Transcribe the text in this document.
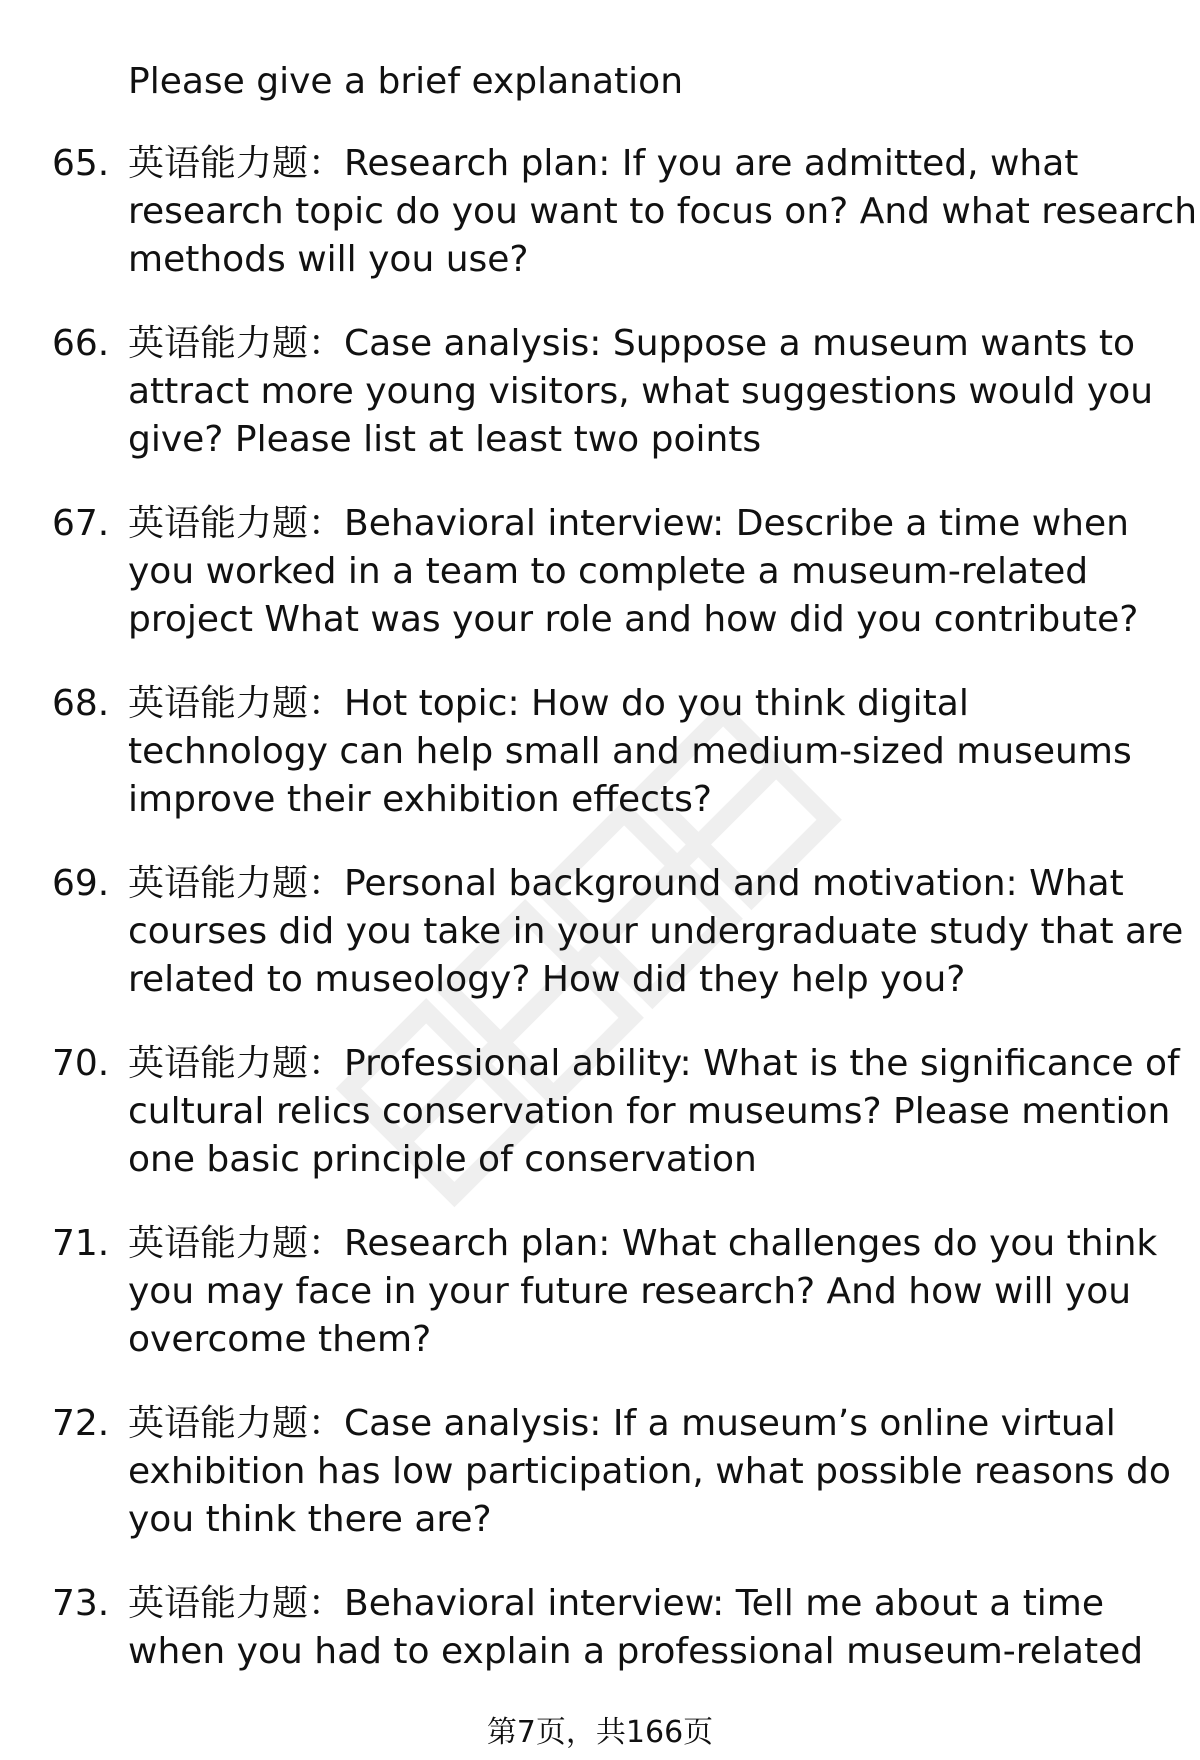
Please give a brief explanation
65. 英语能力题：Research plan: If you are admitted, what
research topic do you want to focus on? And what research
methods will you use?
66. 英语能力题：Case analysis: Suppose a museum wants to
attract more young visitors, what suggestions would you
give? Please list at least two points
67. 英语能力题：Behavioral interview: Describe a time when
you worked in a team to complete a museum-related
project What was your role and how did you contribute?
68. 英语能力题：Hot topic: How do you think digital
technology can help small and medium-sized museums
improve their exhibition effects?
69. 英语能力题：Personal background and motivation: What
courses did you take in your undergraduate study that are
related to museology? How did they help you?
70. 英语能力题：Professional ability: What is the significance of
cultural relics conservation for museums? Please mention
one basic principle of conservation
71. 英语能力题：Research plan: What challenges do you think
you may face in your future research? And how will you
overcome them?
72. 英语能力题：Case analysis: If a museum’s online virtual
exhibition has low participation, what possible reasons do
you think there are?
73. 英语能力题：Behavioral interview: Tell me about a time
when you had to explain a professional museum-related
第7页，共166页
